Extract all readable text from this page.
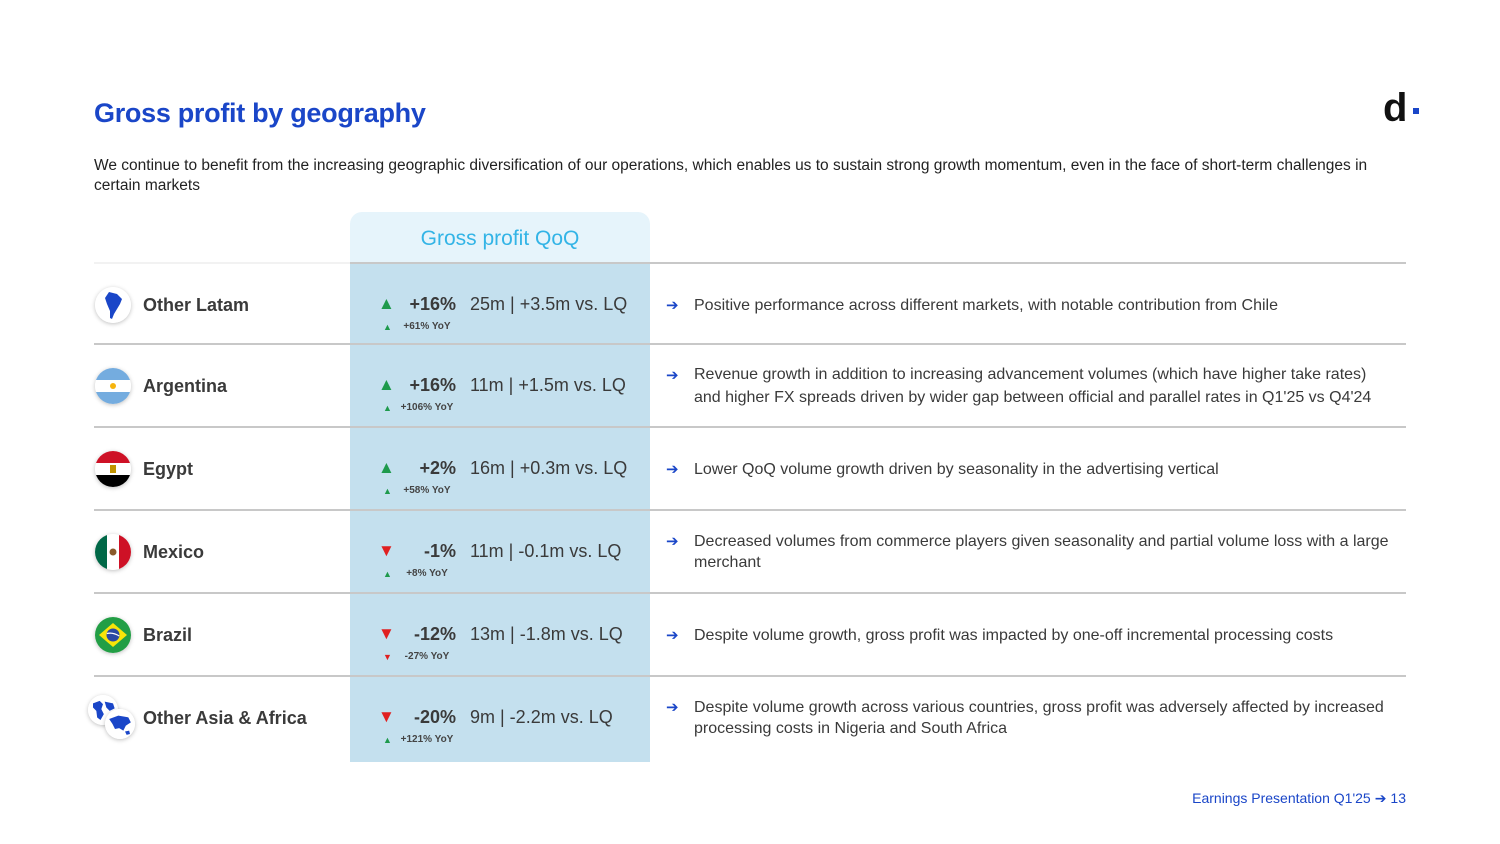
Gross profit by geography	d

We continue to benefit from the increasing geographic diversification of our operations, which enables us to sustain strong growth momentum, even in the face of short-term challenges in certain markets

Gross profit QoQ
Other Latam	▲ +16% 25m | +3.5m vs. LQ
▲	+61% YoY
➔ Positive performance across different markets, with notable contribution from Chile
Argentina	▲ +16% 11m | +1.5m vs. LQ
▲ +106% YoY
➔ Revenue growth in addition to increasing advancement volumes (which have higher take rates) and higher FX spreads driven by wider gap between official and parallel rates in Q1'25 vs Q4'24
Egypt	▲	+2% 16m | +0.3m vs. LQ
▲	+58% YoY
➔ Lower QoQ volume growth driven by seasonality in the advertising vertical
Mexico	▼	-1% 11m | -0.1m vs. LQ
▲	+8% YoY
➔ Decreased volumes from commerce players given seasonality and partial volume loss with a large merchant
Brazil	▼	-12% 13m | -1.8m vs. LQ
▼	-27% YoY
➔ Despite volume growth, gross profit was impacted by one-off incremental processing costs
Other Asia & Africa	▼	-20% 9m | -2.2m vs. LQ
▲ +121% YoY
➔ Despite volume growth across various countries, gross profit was adversely affected by increased processing costs in Nigeria and South Africa
Earnings Presentation Q1'25 ➔ 13
